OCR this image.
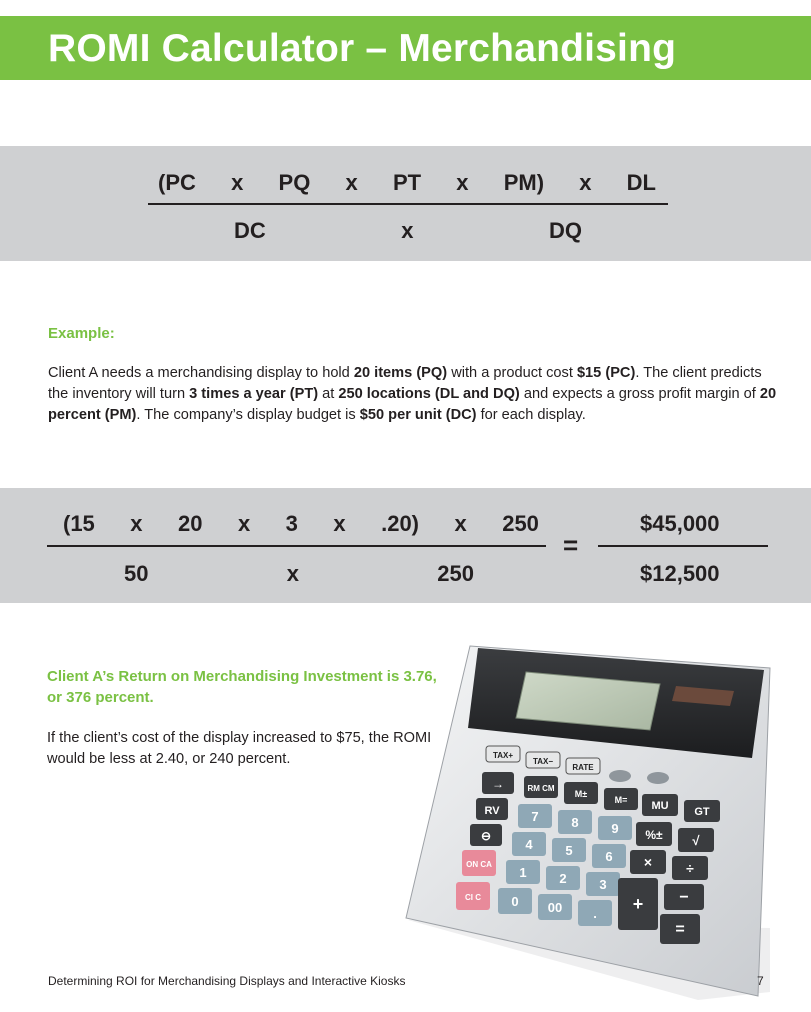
ROMI Calculator – Merchandising
(PC x PQ x PT x PM) x DL
DC	x	DQ
Example:
Client A needs a merchandising display to hold 20 items (PQ) with a product cost $15 (PC). The client predicts the inventory will turn 3 times a year (PT) at 250 locations (DL and DQ) and expects a gross profit margin of 20 percent (PM). The company’s display budget is $50 per unit (DC) for each display.
(15 x 20 x 3 x .20) x 250
50	x	250
=
$45,000
$12,500
Client A’s Return on Merchandising Investment is 3.76, or 376 percent.
If the client’s cost of the display increased to $75, the ROMI would be less at 2.40, or 240 percent.	TAX+
TAX−
RATE
→
RV
⊖
ON CA
CI C
RM CM
M±
M=
7	8	9
4	5	6
1	2	3
0 00 .
MU GT
%± √
× ÷
+ −
=
Determining ROI for Merchandising Displays and Interactive Kiosks	7
